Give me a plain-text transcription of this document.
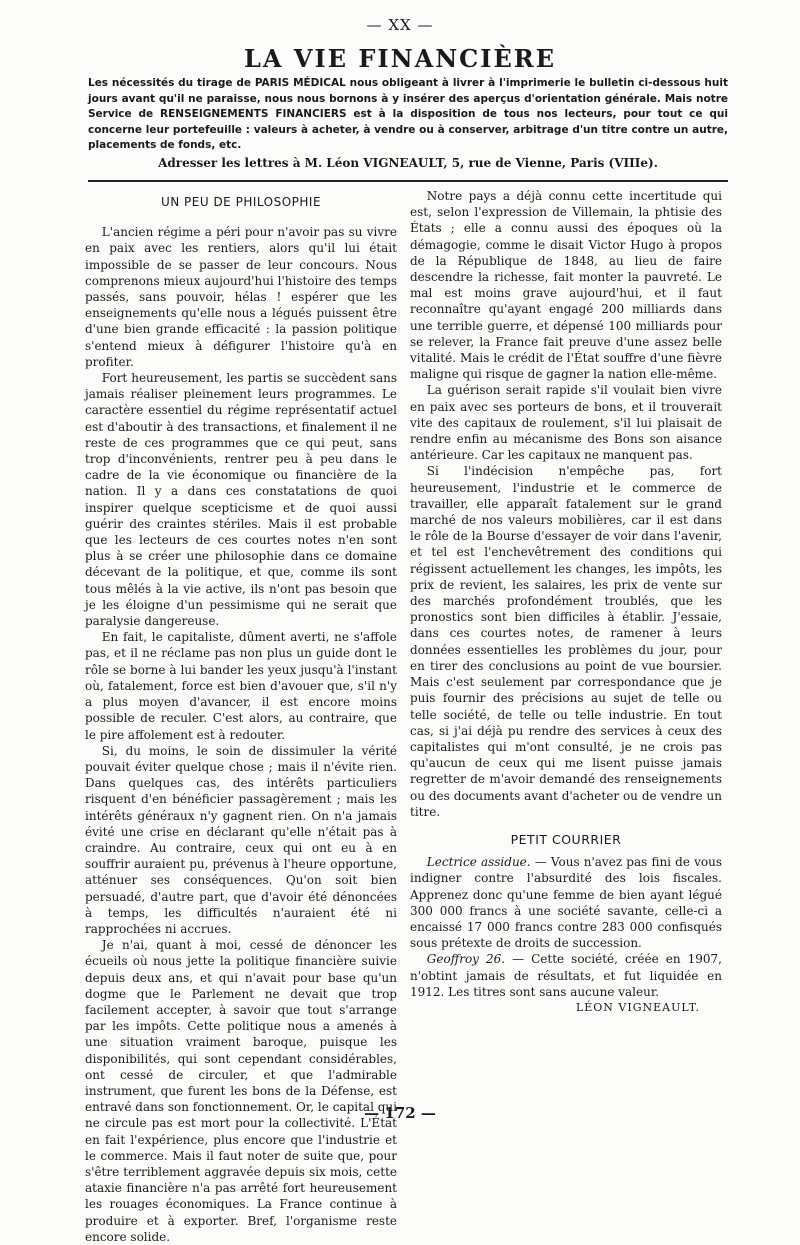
— XX —
LA VIE FINANCIÈRE
Les nécessités du tirage de PARIS MÉDICAL nous obligeant à livrer à l'imprimerie le bulletin ci-dessous huit jours avant qu'il ne paraisse, nous nous bornons à y insérer des aperçus d'orientation générale. Mais notre Service de RENSEIGNEMENTS FINANCIERS est à la disposition de tous nos lecteurs, pour tout ce qui concerne leur portefeuille : valeurs à acheter, à vendre ou à conserver, arbitrage d'un titre contre un autre, placements de fonds, etc.
Adresser les lettres à M. Léon VIGNEAULT, 5, rue de Vienne, Paris (VIIIe).
UN PEU DE PHILOSOPHIE

L'ancien régime a péri pour n'avoir pas su vivre en paix avec les rentiers, alors qu'il lui était impossible de se passer de leur concours. Nous comprenons mieux aujourd'hui l'histoire des temps passés, sans pouvoir, hélas ! espérer que les enseignements qu'elle nous a légués puissent être d'une bien grande efficacité : la passion politique s'entend mieux à défigurer l'histoire qu'à en profiter.

Fort heureusement, les partis se succèdent sans jamais réaliser pleinement leurs programmes. Le caractère essentiel du régime représentatif actuel est d'aboutir à des transactions, et finalement il ne reste de ces programmes que ce qui peut, sans trop d'inconvénients, rentrer peu à peu dans le cadre de la vie économique ou financière de la nation. Il y a dans ces constatations de quoi inspirer quelque scepticisme et de quoi aussi guérir des craintes stériles. Mais il est probable que les lecteurs de ces courtes notes n'en sont plus à se créer une philosophie dans ce domaine décevant de la politique, et que, comme ils sont tous mêlés à la vie active, ils n'ont pas besoin que je les éloigne d'un pessimisme qui ne serait que paralysie dangereuse.

En fait, le capitaliste, dûment averti, ne s'affole pas, et il ne réclame pas non plus un guide dont le rôle se borne à lui bander les yeux jusqu'à l'instant où, fatalement, force est bien d'avouer que, s'il n'y a plus moyen d'avancer, il est encore moins possible de reculer. C'est alors, au contraire, que le pire affolement est à redouter.

Si, du moins, le soin de dissimuler la vérité pouvait éviter quelque chose ; mais il n'évite rien. Dans quelques cas, des intérêts particuliers risquent d'en bénéficier passagèrement ; mais les intérêts généraux n'y gagnent rien. On n'a jamais évité une crise en déclarant qu'elle n'était pas à craindre. Au contraire, ceux qui ont eu à en souffrir auraient pu, prévenus à l'heure opportune, atténuer ses conséquences. Qu'on soit bien persuadé, d'autre part, que d'avoir été dénoncées à temps, les difficultés n'auraient été ni rapprochées ni accrues.

Je n'ai, quant à moi, cessé de dénoncer les écueils où nous jette la politique financière suivie depuis deux ans, et qui n'avait pour base qu'un dogme que le Parlement ne devait que trop facilement accepter, à savoir que tout s'arrange par les impôts. Cette politique nous a amenés à une situation vraiment baroque, puisque les disponibilités, qui sont cependant considérables, ont cessé de circuler, et que l'admirable instrument, que furent les bons de la Défense, est entravé dans son fonctionnement. Or, le capital qui ne circule pas est mort pour la collectivité. L'État en fait l'expérience, plus encore que l'industrie et le commerce. Mais il faut noter de suite que, pour s'être terriblement aggravée depuis six mois, cette ataxie financière n'a pas arrêté fort heureusement les rouages économiques. La France continue à produire et à exporter. Bref, l'organisme reste encore solide.

Notre pays a déjà connu cette incertitude qui est, selon l'expression de Villemain, la phtisie des États ; elle a connu aussi des époques où la démagogie, comme le disait Victor Hugo à propos de la République de 1848, au lieu de faire descendre la richesse, fait monter la pauvreté. Le mal est moins grave aujourd'hui, et il faut reconnaître qu'ayant engagé 200 milliards dans une terrible guerre, et dépensé 100 milliards pour se relever, la France fait preuve d'une assez belle vitalité. Mais le crédit de l'État souffre d'une fièvre maligne qui risque de gagner la nation elle-même.

La guérison serait rapide s'il voulait bien vivre en paix avec ses porteurs de bons, et il trouverait vite des capitaux de roulement, s'il lui plaisait de rendre enfin au mécanisme des Bons son aisance antérieure. Car les capitaux ne manquent pas.

Si l'indécision n'empêche pas, fort heureusement, l'industrie et le commerce de travailler, elle apparaît fatalement sur le grand marché de nos valeurs mobilières, car il est dans le rôle de la Bourse d'essayer de voir dans l'avenir, et tel est l'enchevêtrement des conditions qui régissent actuellement les changes, les impôts, les prix de revient, les salaires, les prix de vente sur des marchés profondément troublés, que les pronostics sont bien difficiles à établir. J'essaie, dans ces courtes notes, de ramener à leurs données essentielles les problèmes du jour, pour en tirer des conclusions au point de vue boursier. Mais c'est seulement par correspondance que je puis fournir des précisions au sujet de telle ou telle société, de telle ou telle industrie. En tout cas, si j'ai déjà pu rendre des services à ceux des capitalistes qui m'ont consulté, je ne crois pas qu'aucun de ceux qui me lisent puisse jamais regretter de m'avoir demandé des renseignements ou des documents avant d'acheter ou de vendre un titre.

PETIT COURRIER

Lectrice assidue. — Vous n'avez pas fini de vous indigner contre l'absurdité des lois fiscales. Apprenez donc qu'une femme de bien ayant légué 300 000 francs à une société savante, celle-ci a encaissé 17 000 francs contre 283 000 confisqués sous prétexte de droits de succession.

Geoffroy 26. — Cette société, créée en 1907, n'obtint jamais de résultats, et fut liquidée en 1912. Les titres sont sans aucune valeur.

LÉON VIGNEAULT.
— 172 —
